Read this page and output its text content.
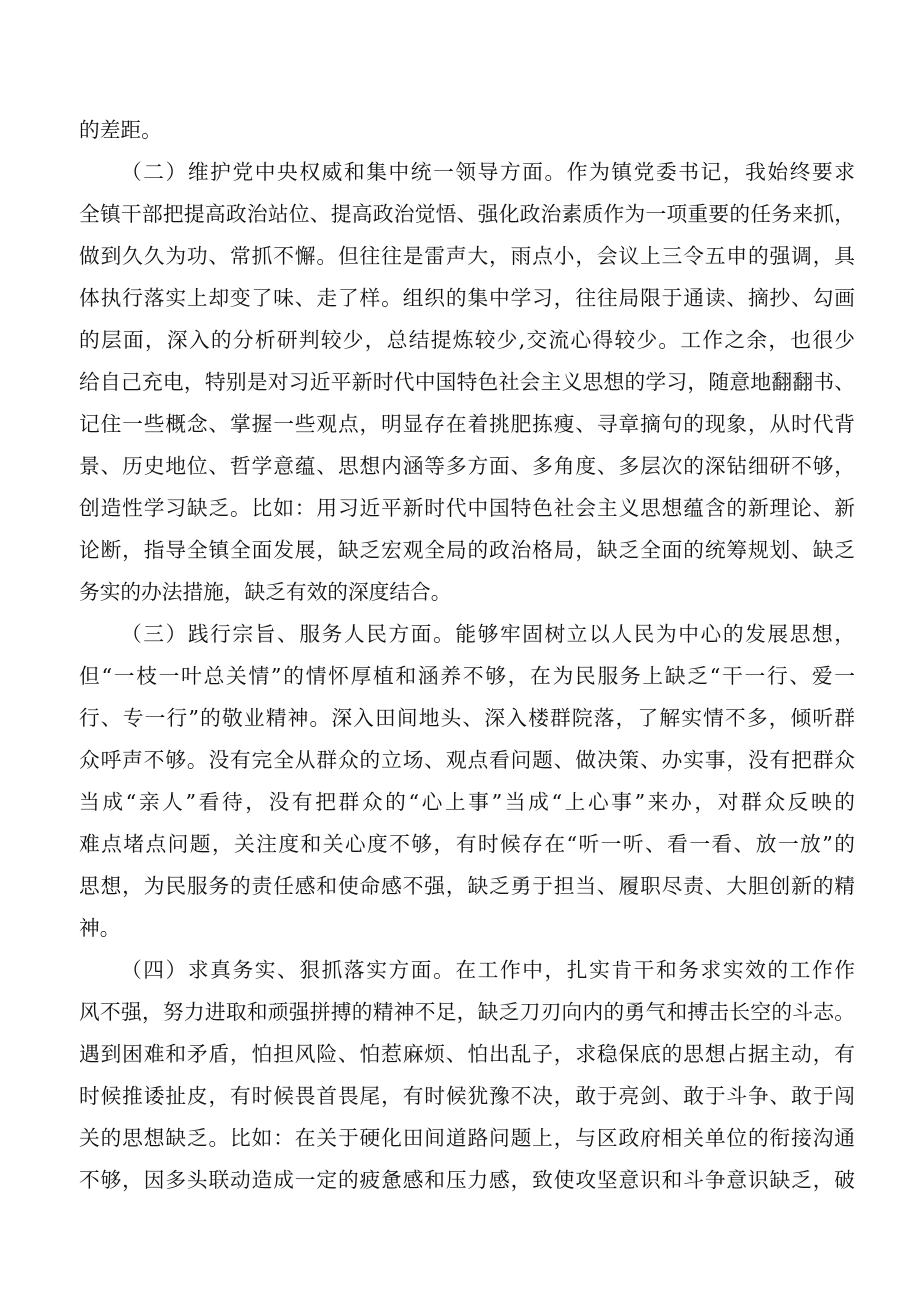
的差距。
（二）维护党中央权威和集中统一领导方面。作为镇党委书记，我始终要求
全镇干部把提高政治站位、提高政治觉悟、强化政治素质作为一项重要的任务来抓，
做到久久为功、常抓不懈。但往往是雷声大，雨点小，会议上三令五申的强调，具
体执行落实上却变了味、走了样。组织的集中学习，往往局限于通读、摘抄、勾画
的层面，深入的分析研判较少，总结提炼较少,交流心得较少。工作之余，也很少
给自己充电，特别是对习近平新时代中国特色社会主义思想的学习，随意地翻翻书、
记住一些概念、掌握一些观点，明显存在着挑肥拣瘦、寻章摘句的现象，从时代背
景、历史地位、哲学意蕴、思想内涵等多方面、多角度、多层次的深钻细研不够，
创造性学习缺乏。比如：用习近平新时代中国特色社会主义思想蕴含的新理论、新
论断，指导全镇全面发展，缺乏宏观全局的政治格局，缺乏全面的统筹规划、缺乏
务实的办法措施，缺乏有效的深度结合。
（三）践行宗旨、服务人民方面。能够牢固树立以人民为中心的发展思想，
但“一枝一叶总关情”的情怀厚植和涵养不够，在为民服务上缺乏“干一行、爱一
行、专一行”的敬业精神。深入田间地头、深入楼群院落，了解实情不多，倾听群
众呼声不够。没有完全从群众的立场、观点看问题、做决策、办实事，没有把群众
当成“亲人”看待，没有把群众的“心上事”当成“上心事”来办，对群众反映的
难点堵点问题，关注度和关心度不够，有时候存在“听一听、看一看、放一放”的
思想，为民服务的责任感和使命感不强，缺乏勇于担当、履职尽责、大胆创新的精
神。
（四）求真务实、狠抓落实方面。在工作中，扎实肯干和务求实效的工作作
风不强，努力进取和顽强拼搏的精神不足，缺乏刀刃向内的勇气和搏击长空的斗志。
遇到困难和矛盾，怕担风险、怕惹麻烦、怕出乱子，求稳保底的思想占据主动，有
时候推诿扯皮，有时候畏首畏尾，有时候犹豫不决，敢于亮剑、敢于斗争、敢于闯
关的思想缺乏。比如：在关于硬化田间道路问题上，与区政府相关单位的衔接沟通
不够，因多头联动造成一定的疲惫感和压力感，致使攻坚意识和斗争意识缺乏，破
